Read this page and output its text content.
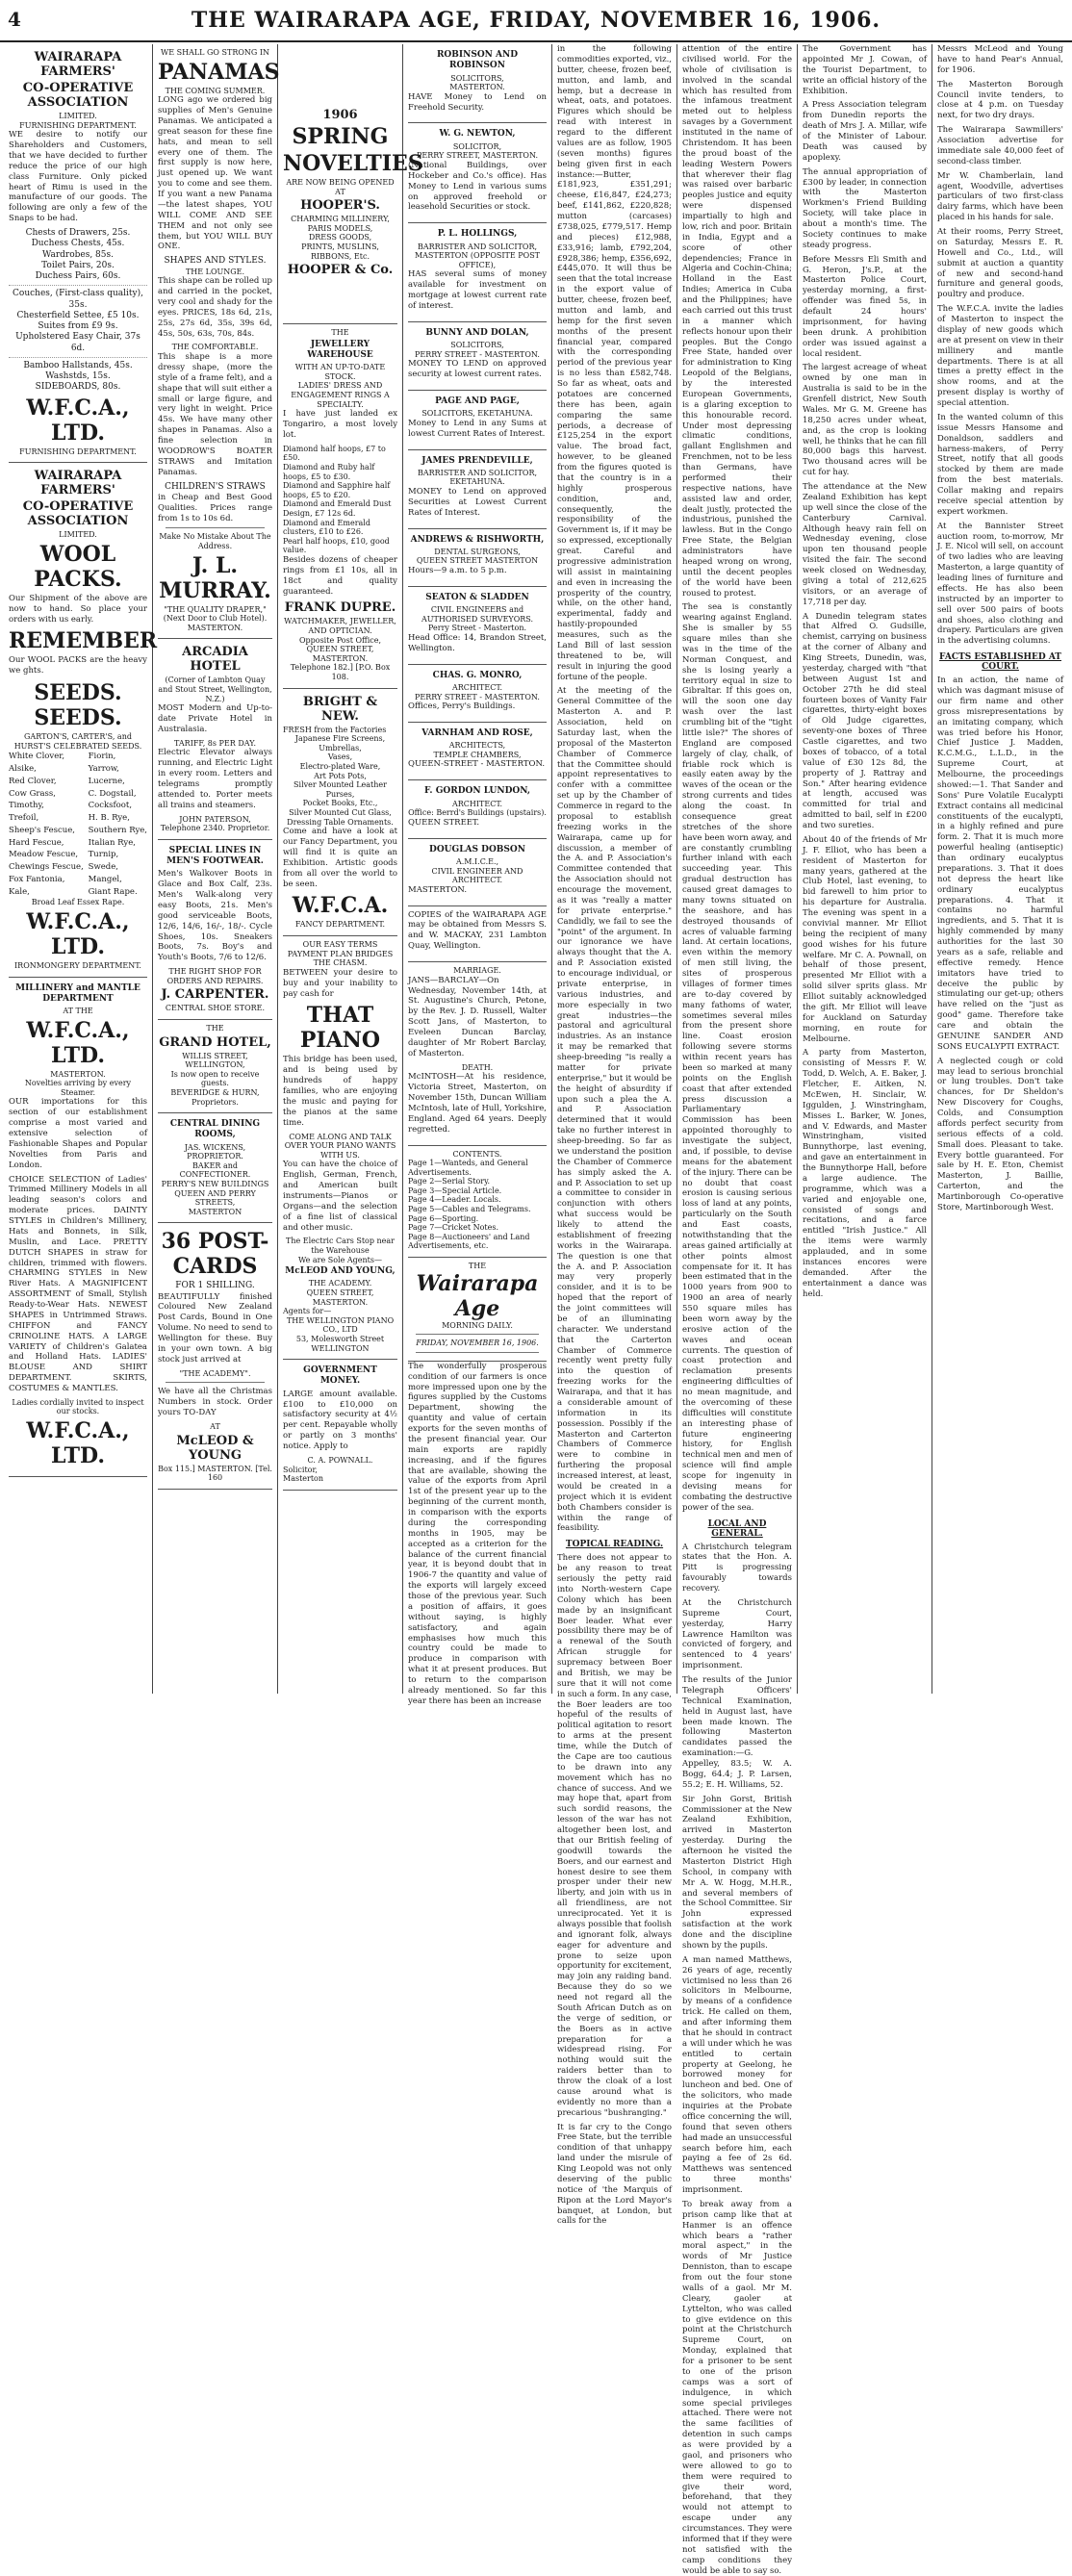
4	THE WAIRARAPA AGE, FRIDAY, NOVEMBER 16, 1906.
WAIRARAPA FARMERS'
CO-OPERATIVE ASSOCIATION
LIMITED.
FURNISHING DEPARTMENT.

WE desire to notify our Shareholders and Customers, that we have decided to further reduce the price of our high class Furniture. Only picked heart of Rimu is used in the manufacture of our goods. The following are only a few of the Snaps to be had.

Chests of Drawers, 25s.
Duchess Chests, 45s.
Wardrobes, 85s.
Toilet Pairs, 20s.
Duchess Pairs, 60s.
Couches, (First-class quality), 35s.
Chesterfield Settee, £5 10s.
Suites from £9 9s.
Upholstered Easy Chair, 37s 6d.
Bamboo Hallstands, 45s.
Washstds, 15s.
SIDEBOARDS, 80s.
W.F.C.A., LTD.
FURNISHING DEPARTMENT.
WAIRARAPA FARMERS'
CO-OPERATIVE ASSOCIATION
LIMITED.
WOOL PACKS.

Our Shipment of the above are now to hand. So place your orders with us early.

REMEMBER

Our WOOL PACKS are the heavy we ghts.

SEEDS. SEEDS.
GARTON'S, CARTER'S, and HURST'S CELEBRATED SEEDS.
White Clover,
Alsike,
Red Clover,
Cow Grass,
Timothy,
Trefoil,
Sheep's Fescue,
Hard Fescue,
Meadow Fescue,
Chewings Fescue,
Fox Fantonia,
Kale,
Fiorin,
Yarrow,
Lucerne,
C. Dogstail,
Cocksfoot,
H. B. Rye,
Southern Rye,
Italian Rye,
Turnip,
Swede,
Mangel,
Giant Rape.
Broad Leaf Essex Rape.
W.F.C.A., LTD.
IRONMONGERY DEPARTMENT.
MILLINERY and MANTLE DEPARTMENT
AT THE
W.F.C.A., LTD.
MASTERTON.
Novelties arriving by every Steamer.

OUR importations for this section of our establishment comprise a most varied and extensive selection of Fashionable Shapes and Popular Novelties from Paris and London.

CHOICE SELECTION of Ladies' Trimmed Millinery Models in all leading season's colors and moderate prices. DAINTY STYLES in Children's Millinery, Hats and Bonnets, in Silk, Muslin, and Lace. PRETTY DUTCH SHAPES in straw for children, trimmed with flowers. CHARMING STYLES in New River Hats. A MAGNIFICENT ASSORTMENT of Small, Stylish Ready-to-Wear Hats. NEWEST SHAPES in Untrimmed Straws. CHIFFON and FANCY CRINOLINE HATS. A LARGE VARIETY of Children's Galatea and Holland Hats. LADIES' BLOUSE AND SHIRT DEPARTMENT. SKIRTS, COSTUMES & MANTLES.

Ladies cordially invited to inspect our stocks.
W.F.C.A., LTD.
WE SHALL GO STRONG IN
PANAMAS
THE COMING SUMMER.

LONG ago we ordered big supplies of Men's Genuine Panamas. We anticipated a great season for these fine hats, and mean to sell every one of them. The first supply is now here, just opened up. We want you to come and see them. If you want a new Panama—the latest shapes, YOU WILL COME AND SEE THEM and not only see them, but YOU WILL BUY ONE.

SHAPES AND STYLES.
THE LOUNGE.

This shape can be rolled up and carried in the pocket, very cool and shady for the eyes. PRICES, 18s 6d, 21s, 25s, 27s 6d, 35s, 39s 6d, 45s, 50s, 63s, 70s, 84s.

THE COMFORTABLE.

This shape is a more dressy shape, (more the style of a frame felt), and a shape that will suit either a small or large figure, and very light in weight. Price 45s. We have many other shapes in Panamas. Also a fine selection in WOODROW'S BOATER STRAWS and Imitation Panamas.

CHILDREN'S STRAWS

in Cheap and Best Good Qualities. Prices range from 1s to 10s 6d.

Make No Mistake About The Address.
J. L. MURRAY.
"THE QUALITY DRAPER,"
(Next Door to Club Hotel).
MASTERTON.
ARCADIA HOTEL
(Corner of Lambton Quay and Stout Street, Wellington, N.Z.)

MOST Modern and Up-to-date Private Hotel in Australasia.

TARIFF, 8s PER DAY.

Electric Elevator always running, and Electric Light in every room. Letters and telegrams promptly attended to. Porter meets all trains and steamers.

JOHN PATERSON,
Telephone 2340. Proprietor.
SPECIAL LINES IN MEN'S FOOTWEAR.

Men's Walkover Boots in Glace and Box Calf, 23s. Men's Walk-along very easy Boots, 21s. Men's good serviceable Boots, 12/6, 14/6, 16/-, 18/-. Cycle Shoes, 10s. Sneakers Boots, 7s. Boy's and Youth's Boots, 7/6 to 12/6.

THE RIGHT SHOP FOR ORDERS AND REPAIRS.
J. CARPENTER.
CENTRAL SHOE STORE.
THE
GRAND HOTEL,
WILLIS STREET, WELLINGTON,
Is now open to receive guests.
BEVERIDGE & HURN,
Proprietors.
CENTRAL DINING ROOMS,
JAS. WICKENS,
PROPRIETOR.
BAKER and CONFECTIONER.
PERRY'S NEW BUILDINGS
QUEEN AND PERRY STREETS,
MASTERTON
36 POST-CARDS
FOR 1 SHILLING.

BEAUTIFULLY finished Coloured New Zealand Post Cards, Bound in One Volume. No need to send to Wellington for these. Buy in your own town. A big stock just arrived at

"THE ACADEMY".

We have all the Christmas Numbers in stock. Order yours TO-DAY

AT
McLEOD & YOUNG
Box 115.] MASTERTON. [Tel. 160
1906
SPRING
NOVELTIES
ARE NOW BEING OPENED
AT
HOOPER'S.
CHARMING MILLINERY,
PARIS MODELS,
DRESS GOODS,
PRINTS, MUSLINS,
RIBBONS, Etc.
HOOPER & Co.
THE
JEWELLERY WAREHOUSE
WITH AN UP-TO-DATE STOCK.
LADIES' DRESS AND ENGAGEMENT RINGS A SPECIALTY.

I have just landed ex Tongariro, a most lovely lot.

Diamond half hoops, £7 to £50.
Diamond and Ruby half hoops, £5 to £30.
Diamond and Sapphire half hoops, £5 to £20.
Diamond and Emerald Dust Design, £7 12s 6d.
Diamond and Emerald clusters, £10 to £26.
Pearl half hoops, £10, good value.

Besides dozens of cheaper rings from £1 10s, all in 18ct and quality guaranteed.

FRANK DUPRE.
WATCHMAKER, JEWELLER, AND OPTICIAN.
Opposite Post Office,
QUEEN STREET, MASTERTON.
Telephone 182.] [P.O. Box 108.
BRIGHT & NEW.
FRESH from the Factories
Japanese Fire Screens,
Umbrellas,
Vases,
Electro-plated Ware,
Art Pots Pots,
Silver Mounted Leather Purses,
Pocket Books, Etc.,
Silver Mounted Cut Glass,
Dressing Table Ornaments.

Come and have a look at our Fancy Department, you will find it is quite an Exhibition. Artistic goods from all over the world to be seen.

W.F.C.A.
FANCY DEPARTMENT.
OUR EASY TERMS PAYMENT PLAN BRIDGES THE CHASM.

BETWEEN your desire to buy and your inability to pay cash for

THAT PIANO

This bridge has been used, and is being used by hundreds of happy families, who are enjoying the music and paying for the pianos at the same time.

COME ALONG AND TALK OVER YOUR PIANO WANTS WITH US.

You can have the choice of English, German, French, and American built instruments—Pianos or Organs—and the selection of a fine list of classical and other music.

The Electric Cars Stop near the Warehouse
We are Sole Agents—
McLEOD AND YOUNG,
THE ACADEMY.
QUEEN STREET, MASTERTON.
Agents for—
THE WELLINGTON PIANO CO., LTD
53, Molesworth Street
WELLINGTON
GOVERNMENT MONEY.

LARGE amount available. £100 to £10,000 on satisfactory security at 4½ per cent. Repayable wholly or partly on 3 months' notice. Apply to

C. A. POWNALL.
Solicitor,
Masterton
ROBINSON AND ROBINSON
SOLICITORS,
MASTERTON.

HAVE Money to Lend on Freehold Security.

W. G. NEWTON,
SOLICITOR,
PERRY STREET, MASTERTON.

(National Buildings, over Hockeber and Co.'s office). Has Money to Lend in various sums on approved freehold or leasehold Securities or stock.

P. L. HOLLINGS,
BARRISTER AND SOLICITOR,
MASTERTON (OPPOSITE POST OFFICE),

HAS several sums of money available for investment on mortgage at lowest current rate of interest.

BUNNY AND DOLAN,
SOLICITORS,
PERRY STREET - MASTERTON.

MONEY TO LEND on approved security at lowest current rates.

PAGE AND PAGE,
SOLICITORS, EKETAHUNA.

Money to Lend in any Sums at lowest Current Rates of Interest.

JAMES PRENDEVILLE,
BARRISTER AND SOLICITOR,
EKETAHUNA.

MONEY to Lend on approved Securities at Lowest Current Rates of Interest.

ANDREWS & RISHWORTH,
DENTAL SURGEONS,
QUEEN STREET MASTERTON

Hours—9 a.m. to 5 p.m.

SEATON & SLADDEN
CIVIL ENGINEERS and AUTHORISED SURVEYORS.
Perry Street - Masterton.

Head Office: 14, Brandon Street, Wellington.

CHAS. G. MONRO,
ARCHITECT.
PERRY STREET - MASTERTON.

Offices, Perry's Buildings.

VARNHAM AND ROSE,
ARCHITECTS,
TEMPLE CHAMBERS,

QUEEN-STREET - MASTERTON.

F. GORDON LUNDON,
ARCHITECT.
Office: Berrd's Buildings (upstairs).

QUEEN STREET.

DOUGLAS DOBSON
A.M.I.C.E.,
CIVIL ENGINEER AND ARCHITECT.

MASTERTON.

COPIES of the WAIRARAPA AGE may be obtained from Messrs S. and W. MACKAY, 231 Lambton Quay, Wellington.

MARRIAGE.

JANS—BARCLAY—On Wednesday, November 14th, at St. Augustine's Church, Petone, by the Rev. J. D. Russell, Walter Scott Jans, of Masterton, to Eveleen Duncan Barclay, daughter of Mr Robert Barclay, of Masterton.

DEATH.

McINTOSH—At his residence, Victoria Street, Masterton, on November 15th, Duncan William McIntosh, late of Hull, Yorkshire, England. Aged 64 years. Deeply regretted.

CONTENTS.
Page 1—Wanteds, and General Advertisements.
Page 2—Serial Story.
Page 3—Special Article.
Page 4—Leader. Locals.
Page 5—Cables and Telegrams.
Page 6—Sporting.
Page 7—Cricket Notes.
Page 8—Auctioneers' and Land Advertisements, etc.
THE
Wairarapa Age
MORNING DAILY.
FRIDAY, NOVEMBER 16, 1906.

The wonderfully prosperous condition of our farmers is once more impressed upon one by the figures supplied by the Customs Department, showing the quantity and value of certain exports for the seven months of the present financial year. Our main exports are rapidly increasing, and if the figures that are available, showing the value of the exports from April 1st of the present year up to the beginning of the current month, in comparison with the exports during the corresponding months in 1905, may be accepted as a criterion for the balance of the current financial year, it is beyond doubt that in 1906-7 the quantity and value of the exports will largely exceed those of the previous year. Such a position of affairs, it goes without saying, is highly satisfactory, and again emphasises how much this country could be made to produce in comparison with what it at present produces. But to return to the comparison already mentioned. So far this year there has been an increase

in the following commodities exported, viz., butter, cheese, frozen beef, mutton, and lamb, and hemp, but a decrease in wheat, oats, and potatoes. Figures which should be read with interest in regard to the different values are as follow, 1905 (seven months) figures being given first in each instance:—Butter, £181,923, £351,291; cheese, £16,847, £24,273; beef, £141,862, £220,828; mutton (carcases) £738,025, £779,517. Hemp and pieces) £12,988, £33,916; lamb, £792,204, £928,386; hemp, £356,692, £445,070. It will thus be seen that the total increase in the export value of butter, cheese, frozen beef, mutton and lamb, and hemp for the first seven months of the present financial year, compared with the corresponding period of the previous year is no less than £582,748. So far as wheat, oats and potatoes are concerned there has been, again comparing the same periods, a decrease of £125,254 in the export value. The broad fact, however, to be gleaned from the figures quoted is that the country is in a highly prosperous condition, and, consequently, the responsibility of the Government is, if it may be so expressed, exceptionally great. Careful and progressive administration will assist in maintaining and even in increasing the prosperity of the country, while, on the other hand, experimental, faddy and hastily-propounded measures, such as the Land Bill of last session threatened to be, will result in injuring the good fortune of the people.

At the meeting of the General Committee of the Masterton A. and P. Association, held on Saturday last, when the proposal of the Masterton Chamber of Commerce that the Committee should appoint representatives to confer with a committee set up by the Chamber of Commerce in regard to the proposal to establish freezing works in the Wairarapa, came up for discussion, a member of the A. and P. Association's Committee contended that the Association should not encourage the movement, as it was "really a matter for private enterprise." Candidly, we fail to see the "point" of the argument. In our ignorance we have always thought that the A. and P. Association existed to encourage individual, or private enterprise, in various industries, and more especially in two great industries—the pastoral and agricultural industries. As an instance it may be remarked that sheep-breeding "is really a matter for private enterprise," but it would be the height of absurdity if upon such a plea the A. and P. Association determined that it would take no further interest in sheep-breeding. So far as we understand the position the Chamber of Commerce has simply asked the A. and P. Association to set up a committee to consider in conjunction with others what success would be likely to attend the establishment of freezing works in the Wairarapa. The question is one that the A. and P. Association may very properly consider, and it is to be hoped that the report of the joint committees will be of an illuminating character. We understand that the Carterton Chamber of Commerce recently went pretty fully into the question of freezing works for the Wairarapa, and that it has a considerable amount of information in its possession. Possibly if the Masterton and Carterton Chambers of Commerce were to combine in furthering the proposal increased interest, at least, would be created in a project which it is evident both Chambers consider is within the range of feasibility.

TOPICAL READING.

There does not appear to be any reason to treat seriously the petty raid into North-western Cape Colony which has been made by an insignificant Boer leader. What ever possibility there may be of a renewal of the South African struggle for supremacy between Boer and British, we may be sure that it will not come in such a form. In any case, the Boer leaders are too hopeful of the results of political agitation to resort to arms at the present time, while the Dutch of the Cape are too cautious to be drawn into any movement which has no chance of success. And we may hope that, apart from such sordid reasons, the lesson of the war has not altogether been lost, and that our British feeling of goodwill towards the Boers, and our earnest and honest desire to see them prosper under their new liberty, and join with us in all friendliness, are not unreciprocated. Yet it is always possible that foolish and ignorant folk, always eager for adventure and prone to seize upon opportunity for excitement, may join any raiding band. Because they do so we need not regard all the South African Dutch as on the verge of sedition, or the Boers as in active preparation for a widespread rising. For nothing would suit the raiders better than to throw the cloak of a lost cause around what is evidently no more than a precarious "bushranging."

It is far cry to the Congo Free State, but the terrible condition of that unhappy land under the misrule of King Leopold was not only deserving of the public notice of 'the Marquis of Ripon at the Lord Mayor's banquet, at London, but calls for the

attention of the entire civilised world. For the whole of civilisation is involved in the scandal which has resulted from the infamous treatment meted out to helpless savages by a Government instituted in the name of Christendom. It has been the proud boast of the leading Western Powers that wherever their flag was raised over barbaric peoples justice and equity were dispensed impartially to high and low, rich and poor. Britain in India, Egypt and a score of other dependencies; France in Algeria and Cochin-China; Holland in the East Indies; America in Cuba and the Philippines; have each carried out this trust in a manner which reflects honour upon their peoples. But the Congo Free State, handed over for administration to King Leopold of the Belgians, by the interested European Governments, is a glaring exception to this honourable record. Under most depressing climatic conditions, gallant Englishmen and Frenchmen, not to be less than Germans, have performed their respective nations, have assisted law and order, dealt justly, protected the industrious, punished the lawless. But in the Congo Free State, the Belgian administrators have heaped wrong on wrong, until the decent peoples of the world have been roused to protest.

The sea is constantly wearing against England. She is smaller by 55 square miles than she was in the time of the Norman Conquest, and she is losing yearly a territory equal in size to Gibraltar. If this goes on, will the soon one day wash over the last crumbling bit of the "tight little isle?" The shores of England are composed largely of clay, chalk, of friable rock which is easily eaten away by the waves of the ocean or the strong currents and tides along the coast. In consequence great stretches of the shore have been worn away, and are constantly crumbling further inland with each succeeding year. This gradual destruction has caused great damages to many towns situated on the seashore, and has destroyed thousands of acres of valuable farming land. At certain locations, even within the memory of men still living, the sites of prosperous villages of former times are to-day covered by many fathoms of water, sometimes several miles from the present shore line. Coast erosion following severe storms within recent years has been so marked at many points on the English coast that after extended press discussion a Parliamentary Commission has been appointed thoroughly to investigate the subject, and, if possible, to devise means for the abatement of the injury. There can be no doubt that coast erosion is causing serious loss of land at any points, particularly on the South and East coasts, notwithstanding that the areas gained artificially at other points almost compensate for it. It has been estimated that in the 1000 years from 900 to 1900 an area of nearly 550 square miles has been worn away by the erosive action of the waves and ocean currents. The question of coast protection and reclamation presents engineering difficulties of no mean magnitude, and the overcoming of these difficulties will constitute an interesting phase of future engineering history, for English technical men and men of science will find ample scope for ingenuity in devising means for combating the destructive power of the sea.

LOCAL AND GENERAL.

A Christchurch telegram states that the Hon. A. Pitt is progressing favourably towards recovery.

At the Christchurch Supreme Court, yesterday, Harry Lawrence Hamilton was convicted of forgery, and sentenced to 4 years' imprisonment.

The results of the Junior Telegraph Officers' Technical Examination, held in August last, have been made known. The following Masterton candidates passed the examination:—G. Appelley, 83.5; W. A. Bogg, 64.4; J. P. Larsen, 55.2; E. H. Williams, 52.

Sir John Gorst, British Commissioner at the New Zealand Exhibition, arrived in Masterton yesterday. During the afternoon he visited the Masterton District High School, in company with Mr A. W. Hogg, M.H.R., and several members of the School Committee. Sir John expressed satisfaction at the work done and the discipline shown by the pupils.

A man named Matthews, 26 years of age, recently victimised no less than 26 solicitors in Melbourne, by means of a confidence trick. He called on them, and after informing them that he should in contract a will under which he was entitled to certain property at Geelong, he borrowed money for luncheon and bed. One of the solicitors, who made inquiries at the Probate office concerning the will, found that seven others had made an unsuccessful search before him, each paying a fee of 2s 6d. Matthews was sentenced to three months' imprisonment.

To break away from a prison camp like that at Hanmer is an offence which bears a "rather moral aspect," in the words of Mr Justice Denniston, than to escape from out the four stone walls of a gaol. Mr M. Cleary, gaoler at Lyttelton, who was called to give evidence on this point at the Christchurch Supreme Court, on Monday, explained that for a prisoner to be sent to one of the prison camps was a sort of indulgence, in which some special privileges attached. There were not the same facilities of detention in such camps as were provided by a gaol, and prisoners who were allowed to go to them were required to give their word, beforehand, that they would not attempt to escape under any circumstances. They were informed that if they were not satisfied with the camp conditions they would be able to say so.

The Government has appointed Mr J. Cowan, of the Tourist Department, to write an official history of the Exhibition.

A Press Association telegram from Dunedin reports the death of Mrs J. A. Millar, wife of the Minister of Labour. Death was caused by apoplexy.

The annual appropriation of £300 by leader, in connection with the Masterton Workmen's Friend Building Society, will take place in about a month's time. The Society continues to make steady progress.

Before Messrs Eli Smith and G. Heron, J's.P., at the Masterton Police Court, yesterday morning, a first-offender was fined 5s, in default 24 hours' imprisonment, for having been drunk. A prohibition order was issued against a local resident.

The largest acreage of wheat owned by one man in Australia is said to be in the Grenfell district, New South Wales. Mr G. M. Greene has 18,250 acres under wheat, and, as the crop is looking well, he thinks that he can fill 80,000 bags this harvest. Two thousand acres will be cut for hay.

The attendance at the New Zealand Exhibition has kept up well since the close of the Canterbury Carnival. Although heavy rain fell on Wednesday evening, close upon ten thousand people visited the fair. The second week closed on Wednesday, giving a total of 212,625 visitors, or an average of 17,718 per day.

A Dunedin telegram states that Alfred O. Gudsille, chemist, carrying on business at the corner of Albany and King Streets, Dunedin, was, yesterday, charged with "that between August 1st and October 27th he did steal fourteen boxes of Vanity Fair cigarettes, thirty-eight boxes of Old Judge cigarettes, seventy-one boxes of Three Castle cigarettes, and two boxes of tobacco, of a total value of £30 12s 8d, the property of J. Rattray and Son." After hearing evidence at length, accused was committed for trial and admitted to bail, self in £200 and two sureties.

About 40 of the friends of Mr J. F. Elliot, who has been a resident of Masterton for many years, gathered at the Club Hotel, last evening, to bid farewell to him prior to his departure for Australia. The evening was spent in a convivial manner. Mr Elliot being the recipient of many good wishes for his future welfare. Mr C. A. Pownall, on behalf of those present, presented Mr Elliot with a solid silver sprits glass. Mr Elliot suitably acknowledged the gift. Mr Elliot will leave for Auckland on Saturday morning, en route for Melbourne.

A party from Masterton, consisting of Messrs F. W. Todd, D. Welch, A. E. Baker, J. Fletcher, E. Aitken, N. McEwen, H. Sinclair, W. Iggulden, J. Winstringham, Misses L. Barker, W. Jones, and V. Edwards, and Master Winstringham, visited Bunnythorpe, last evening, and gave an entertainment in the Bunnythorpe Hall, before a large audience. The programme, which was a varied and enjoyable one, consisted of songs and recitations, and a farce entitled "Irish Justice." All the items were warmly applauded, and in some instances encores were demanded. After the entertainment a dance was held.

Messrs McLeod and Young have to hand Pear's Annual, for 1906.

The Masterton Borough Council invite tenders, to close at 4 p.m. on Tuesday next, for two dry drays.

The Wairarapa Sawmillers' Association advertise for immediate sale 40,000 feet of second-class timber.

Mr W. Chamberlain, land agent, Woodville, advertises particulars of two first-class dairy farms, which have been placed in his hands for sale.

At their rooms, Perry Street, on Saturday, Messrs E. R. Howell and Co., Ltd., will submit at auction a quantity of new and second-hand furniture and general goods, poultry and produce.

The W.F.C.A. invite the ladies of Masterton to inspect the display of new goods which are at present on view in their millinery and mantle departments. There is at all times a pretty effect in the show rooms, and at the present display is worthy of special attention.

In the wanted column of this issue Messrs Hansome and Donaldson, saddlers and harness-makers, of Perry Street, notify that all goods stocked by them are made from the best materials. Collar making and repairs receive special attention by expert workmen.

At the Bannister Street auction room, to-morrow, Mr J. E. Nicol will sell, on account of two ladies who are leaving Masterton, a large quantity of leading lines of furniture and effects. He has also been instructed by an importer to sell over 500 pairs of boots and shoes, also clothing and drapery. Particulars are given in the advertising columns.

FACTS ESTABLISHED AT COURT.

In an action, the name of which was dagmant misuse of our firm name and other gross misrepresentations by an imitating company, which was tried before his Honor, Chief Justice J. Madden, K.C.M.G., L.L.D., in the Supreme Court, at Melbourne, the proceedings showed:—1. That Sander and Sons' Pure Volatile Eucalypti Extract contains all medicinal constituents of the eucalypti, in a highly refined and pure form. 2. That it is much more powerful healing (antiseptic) than ordinary eucalyptus preparations. 3. That it does not depress the heart like ordinary eucalyptus preparations. 4. That it contains no harmful ingredients, and 5. That it is highly commended by many authorities for the last 30 years as a safe, reliable and effective remedy. Hence imitators have tried to deceive the public by stimulating our get-up; others have relied on the "just as good" game. Therefore take care and obtain the GENUINE SANDER AND SONS EUCALYPTI EXTRACT.

A neglected cough or cold may lead to serious bronchial or lung troubles. Don't take chances, for Dr Sheldon's New Discovery for Coughs, Colds, and Consumption affords perfect security from serious effects of a cold. Small does. Pleasant to take. Every bottle guaranteed. For sale by H. E. Eton, Chemist Masterton, J. Baillie, Carterton, and the Martinborough Co-operative Store, Martinborough West.
